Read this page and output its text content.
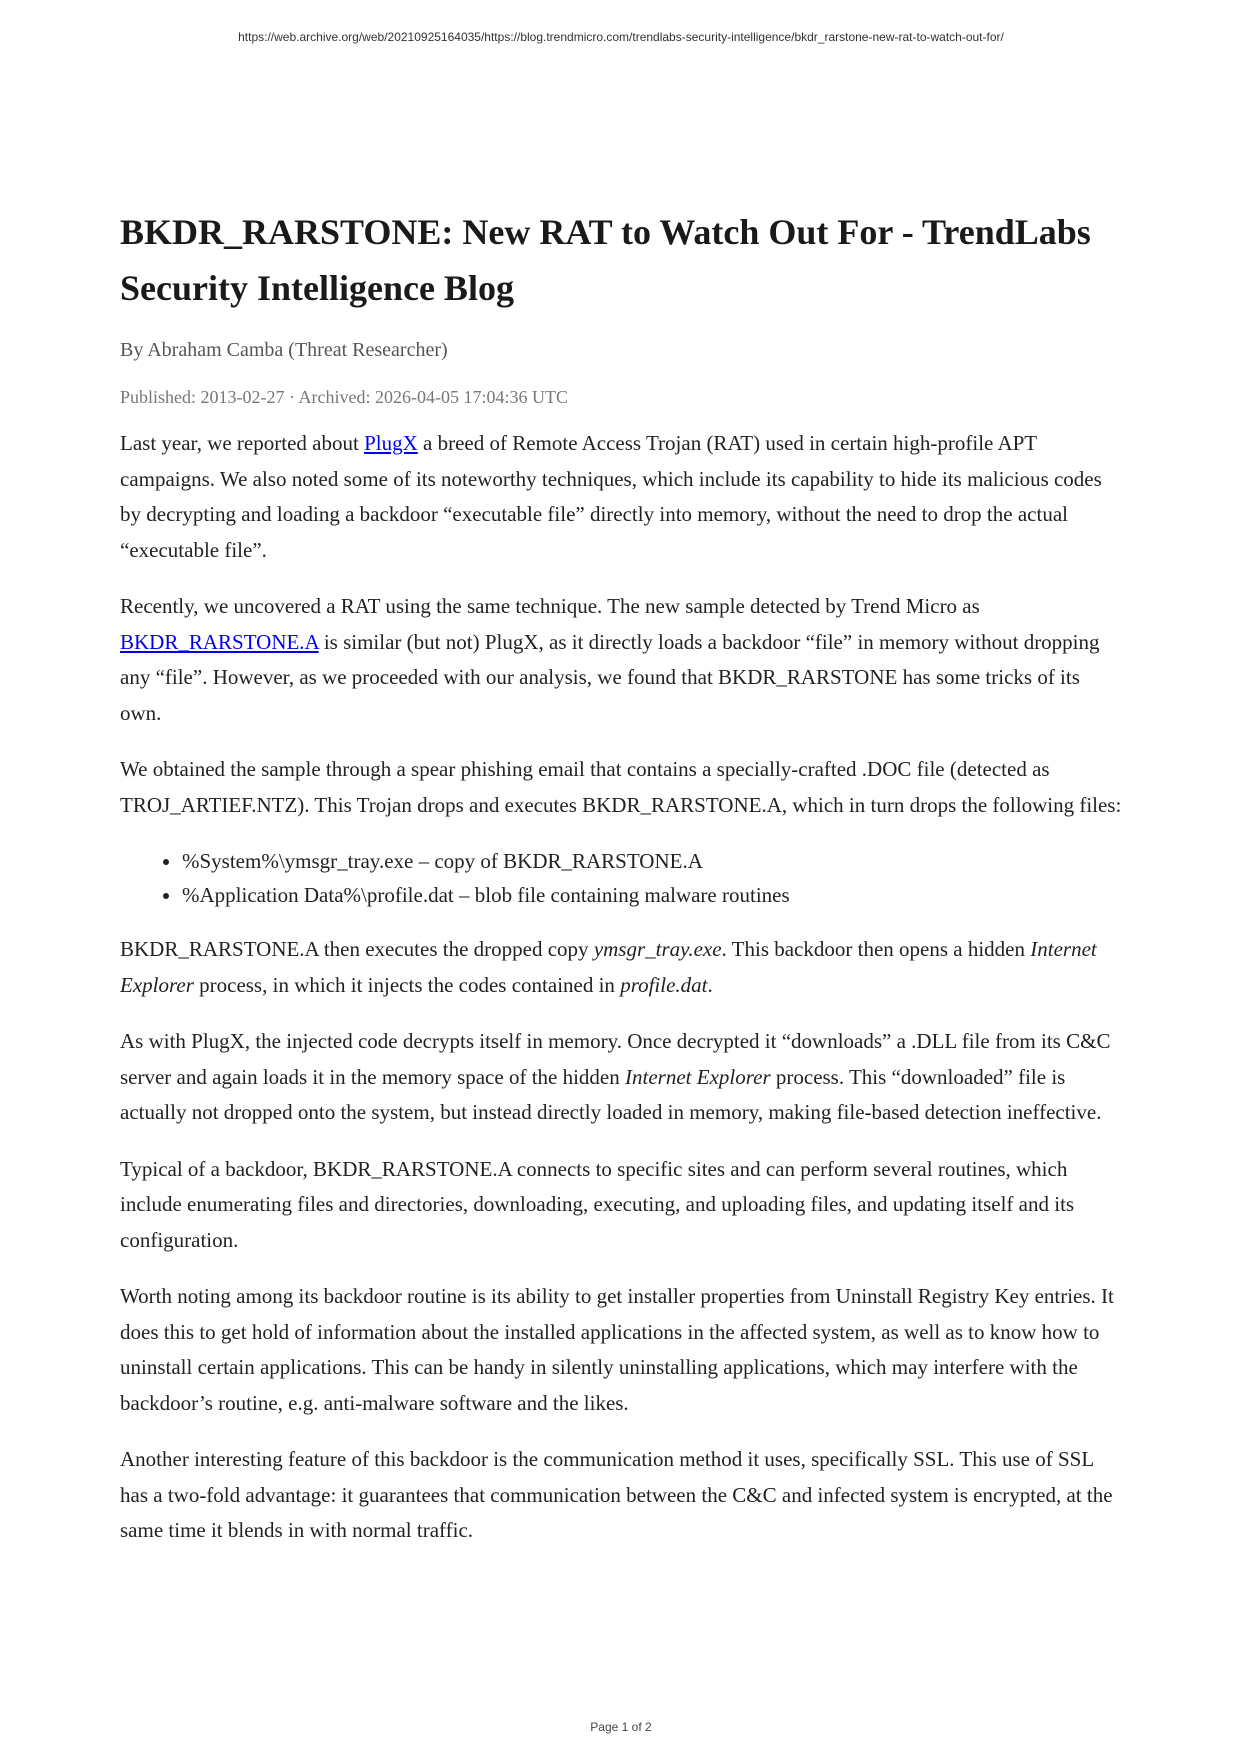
https://web.archive.org/web/20210925164035/https://blog.trendmicro.com/trendlabs-security-intelligence/bkdr_rarstone-new-rat-to-watch-out-for/
BKDR_RARSTONE: New RAT to Watch Out For - TrendLabs Security Intelligence Blog
By Abraham Camba (Threat Researcher)
Published: 2013-02-27 · Archived: 2026-04-05 17:04:36 UTC

Last year, we reported about PlugX a breed of Remote Access Trojan (RAT) used in certain high-profile APT campaigns. We also noted some of its noteworthy techniques, which include its capability to hide its malicious codes by decrypting and loading a backdoor “executable file” directly into memory, without the need to drop the actual “executable file”.

Recently, we uncovered a RAT using the same technique. The new sample detected by Trend Micro as BKDR_RARSTONE.A is similar (but not) PlugX, as it directly loads a backdoor “file” in memory without dropping any “file”. However, as we proceeded with our analysis, we found that BKDR_RARSTONE has some tricks of its own.

We obtained the sample through a spear phishing email that contains a specially-crafted .DOC file (detected as TROJ_ARTIEF.NTZ). This Trojan drops and executes BKDR_RARSTONE.A, which in turn drops the following files:

• %System%\ymsgr_tray.exe – copy of BKDR_RARSTONE.A
• %Application Data%\profile.dat – blob file containing malware routines

BKDR_RARSTONE.A then executes the dropped copy ymsgr_tray.exe. This backdoor then opens a hidden Internet Explorer process, in which it injects the codes contained in profile.dat.

As with PlugX, the injected code decrypts itself in memory. Once decrypted it “downloads” a .DLL file from its C&C server and again loads it in the memory space of the hidden Internet Explorer process. This “downloaded” file is actually not dropped onto the system, but instead directly loaded in memory, making file-based detection ineffective.

Typical of a backdoor, BKDR_RARSTONE.A connects to specific sites and can perform several routines, which include enumerating files and directories, downloading, executing, and uploading files, and updating itself and its configuration.

Worth noting among its backdoor routine is its ability to get installer properties from Uninstall Registry Key entries. It does this to get hold of information about the installed applications in the affected system, as well as to know how to uninstall certain applications. This can be handy in silently uninstalling applications, which may interfere with the backdoor’s routine, e.g. anti-malware software and the likes.

Another interesting feature of this backdoor is the communication method it uses, specifically SSL. This use of SSL has a two-fold advantage: it guarantees that communication between the C&C and infected system is encrypted, at the same time it blends in with normal traffic.

Page 1 of 2
